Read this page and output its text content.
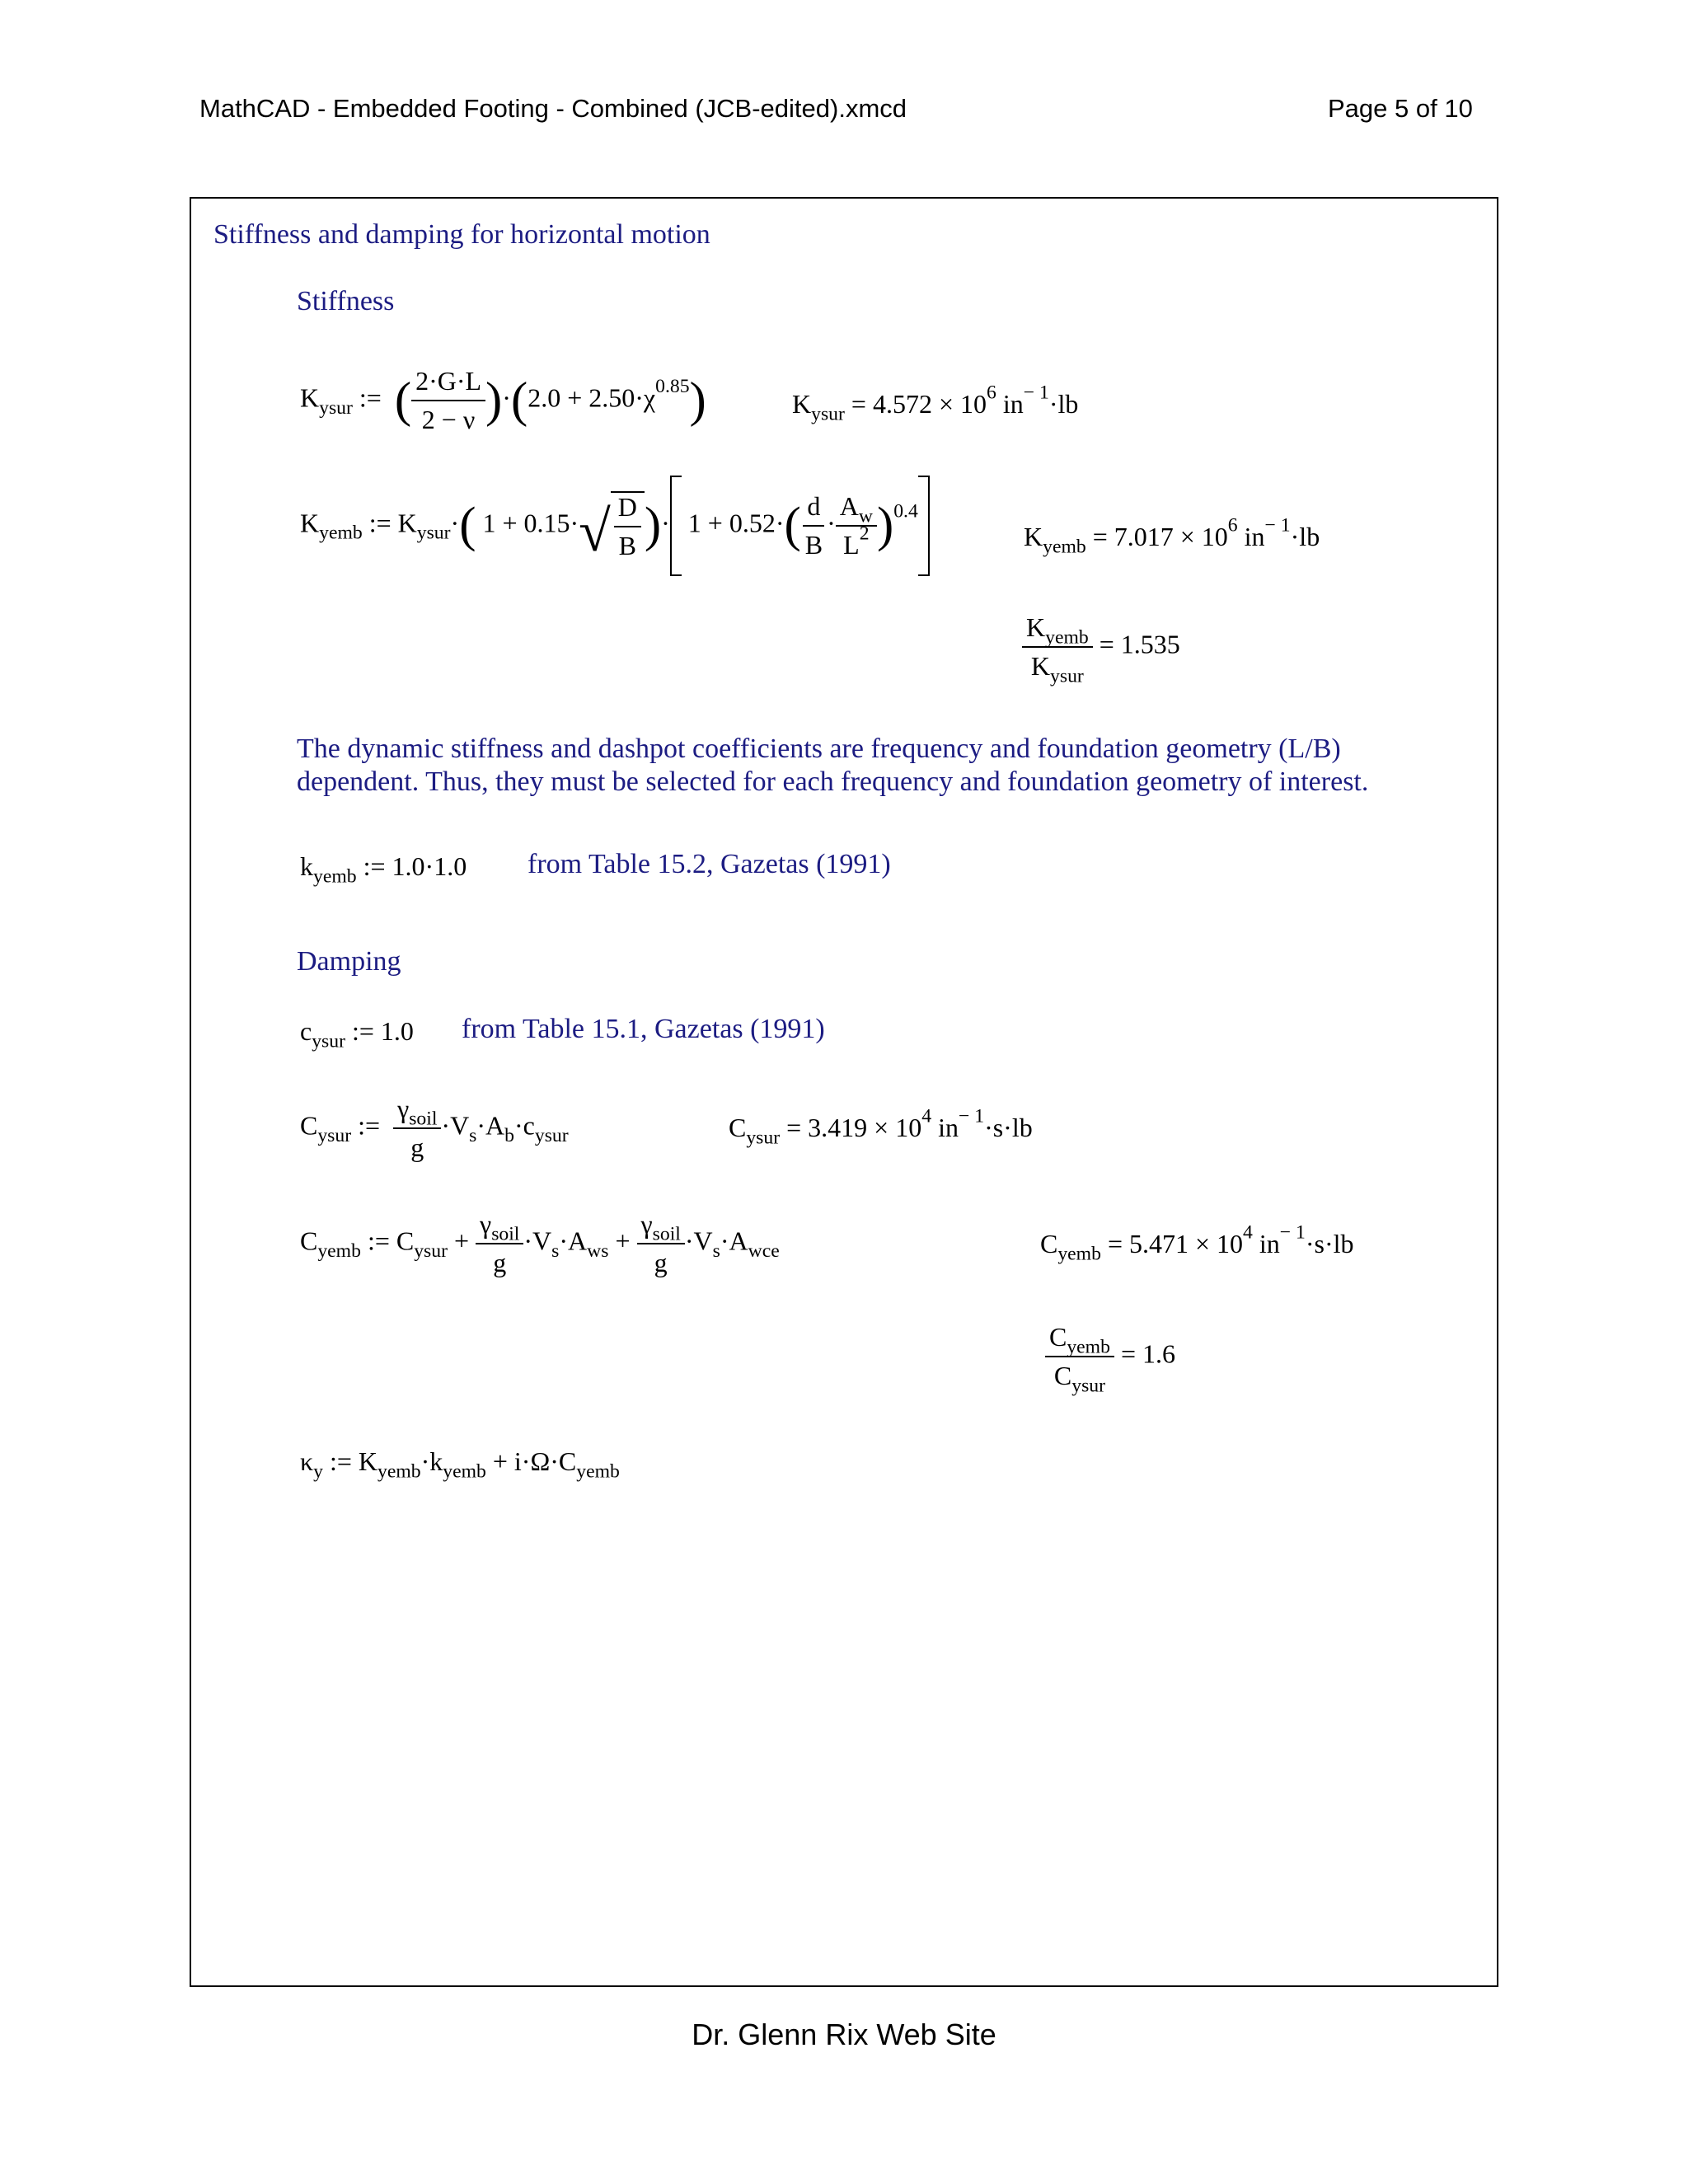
MathCAD - Embedded Footing - Combined (JCB-edited).xmcd	Page 5 of 10
Stiffness and damping for horizontal motion
Stiffness
$K_{ysur}$ :=  ( $\frac{2\cdot G\cdot L}{2 - \nu} )\cdot(2.0 + 2.50\cdot\chi^{0.85})$	$K_{ysur} = 4.572 \times 10^6$ $in^{- 1}\cdot lb$
$K_{yemb}$ := $K_{ysur}\cdot$( 1 + 0.15· √ $\frac{D}{B}$ )· $1 + 0.52\cdot( \frac{d}{B} \cdot \frac{A_w}{L^2} )^{0.4}$
$K_{yemb} = 7.017 \times 10^6$ $in^{- 1}\cdot lb$
$K_{yemb}$
$K_{ysur}$
= 1.535
The dynamic stiffness and dashpot coefficients are frequency and foundation geometry (L/B)
dependent. Thus, they must be selected for each frequency and foundation geometry of interest.
$k_{yemb}$ := 1.0·1.0 from Table 15.2, Gazetas (1991)
Damping
$c_{ysur}$ := 1.0 from Table 15.1, Gazetas (1991)
$C_{ysur}$ :=
$\gamma_{soil}$
g
$\cdot V_s\cdot A_b\cdot c_{ysur}$	$C_{ysur} = 3.419 \times 10^4$ $in^{- 1}\cdot s\cdot lb$
$C_{yemb}$ := $C_{ysur}$ +
$\gamma_{soil}$
g
$\cdot V_s\cdot A_{ws}$ +
$\gamma_{soil}$
g
$\cdot V_s\cdot A_{wce}$	$C_{yemb} = 5.471 \times 10^4$ $in^{- 1}\cdot s\cdot lb$
$C_{yemb}$
$C_{ysur}$
= 1.6
$\kappa_y$ := $K_{yemb}\cdot k_{yemb} + i\cdot\Omega\cdot C_{yemb}$
Dr. Glenn Rix Web Site
